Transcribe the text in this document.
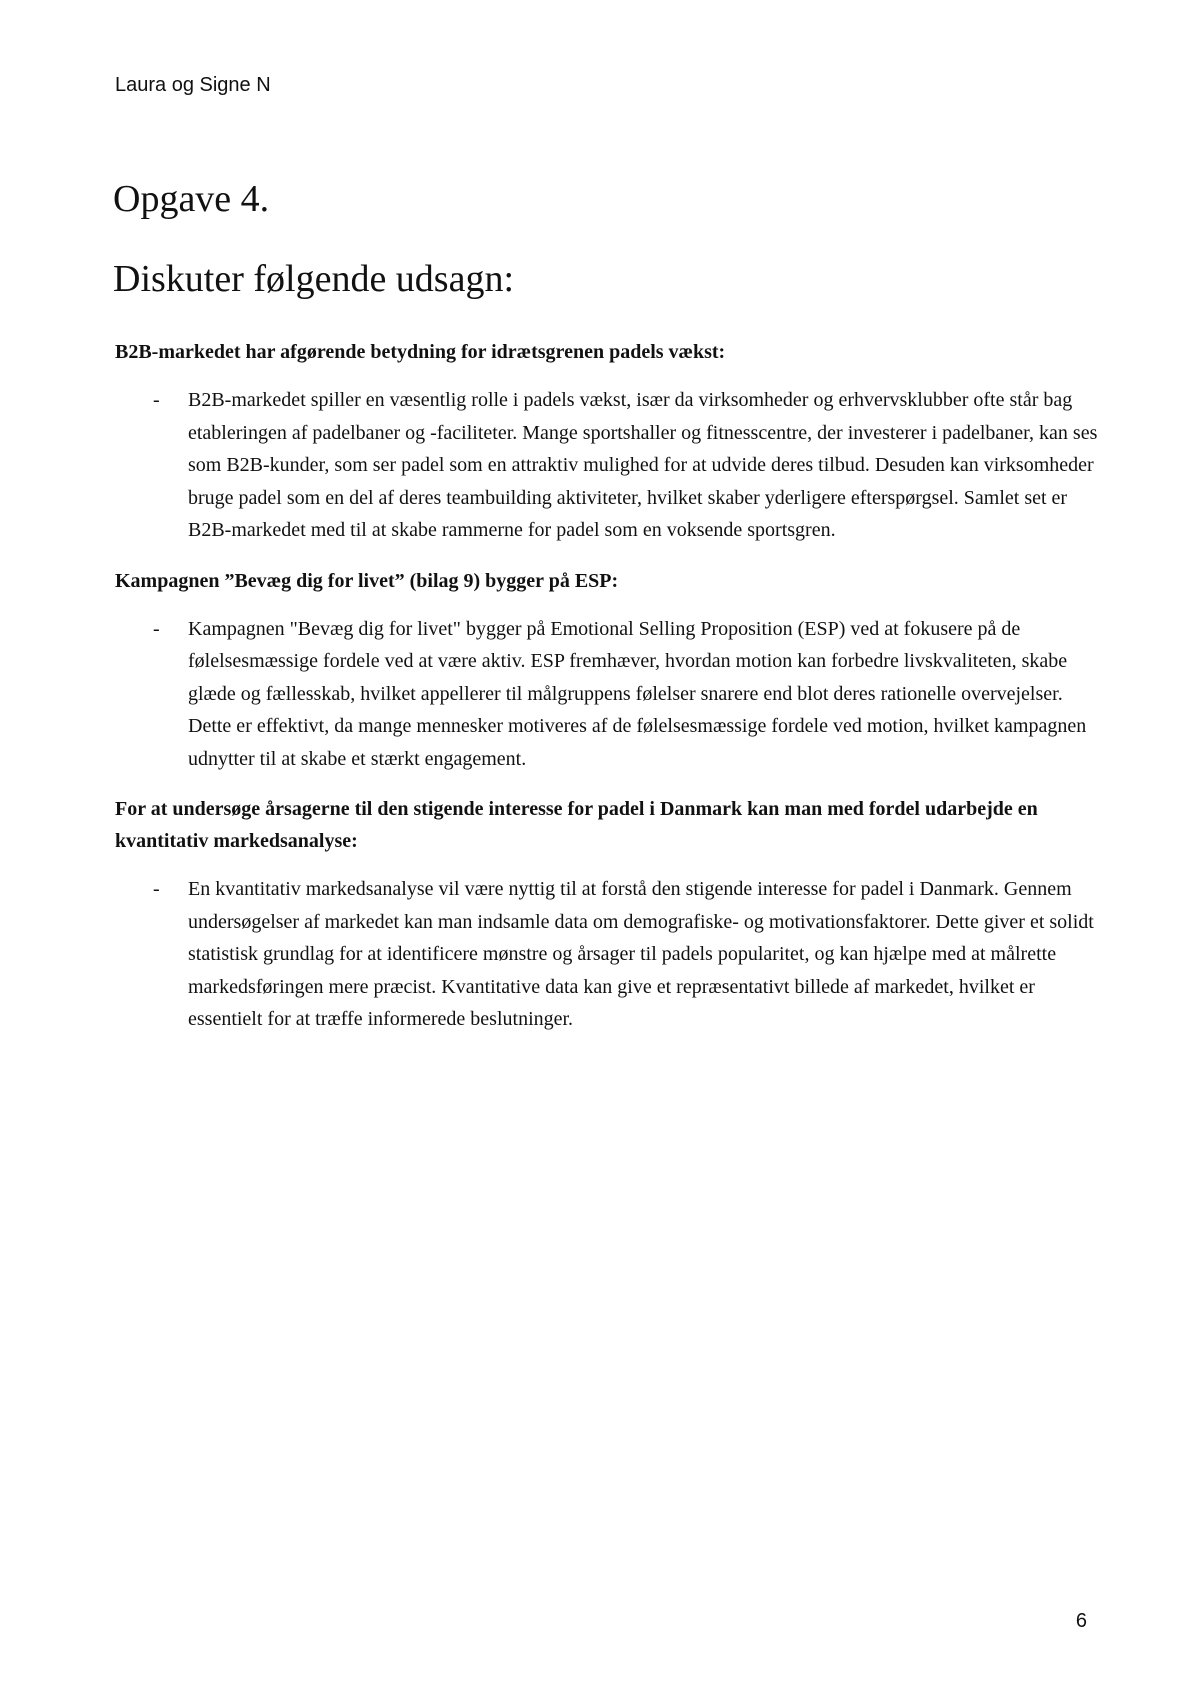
Laura og Signe N
Opgave 4.
Diskuter følgende udsagn:

B2B-markedet har afgørende betydning for idrætsgrenen padels vækst:

- B2B-markedet spiller en væsentlig rolle i padels vækst, især da virksomheder og erhvervsklubber ofte står bag etableringen af padelbaner og -faciliteter. Mange sportshaller og fitnesscentre, der investerer i padelbaner, kan ses som B2B-kunder, som ser padel som en attraktiv mulighed for at udvide deres tilbud. Desuden kan virksomheder bruge padel som en del af deres teambuilding aktiviteter, hvilket skaber yderligere efterspørgsel. Samlet set er B2B-markedet med til at skabe rammerne for padel som en voksende sportsgren.

Kampagnen ”Bevæg dig for livet” (bilag 9) bygger på ESP:

- Kampagnen "Bevæg dig for livet" bygger på Emotional Selling Proposition (ESP) ved at fokusere på de følelsesmæssige fordele ved at være aktiv. ESP fremhæver, hvordan motion kan forbedre livskvaliteten, skabe glæde og fællesskab, hvilket appellerer til målgruppens følelser snarere end blot deres rationelle overvejelser. Dette er effektivt, da mange mennesker motiveres af de følelsesmæssige fordele ved motion, hvilket kampagnen udnytter til at skabe et stærkt engagement.

For at undersøge årsagerne til den stigende interesse for padel i Danmark kan man med fordel udarbejde en kvantitativ markedsanalyse:

- En kvantitativ markedsanalyse vil være nyttig til at forstå den stigende interesse for padel i Danmark. Gennem undersøgelser af markedet kan man indsamle data om demografiske- og motivationsfaktorer. Dette giver et solidt statistisk grundlag for at identificere mønstre og årsager til padels popularitet, og kan hjælpe med at målrette markedsføringen mere præcist. Kvantitative data kan give et repræsentativt billede af markedet, hvilket er essentielt for at træffe informerede beslutninger.
6
